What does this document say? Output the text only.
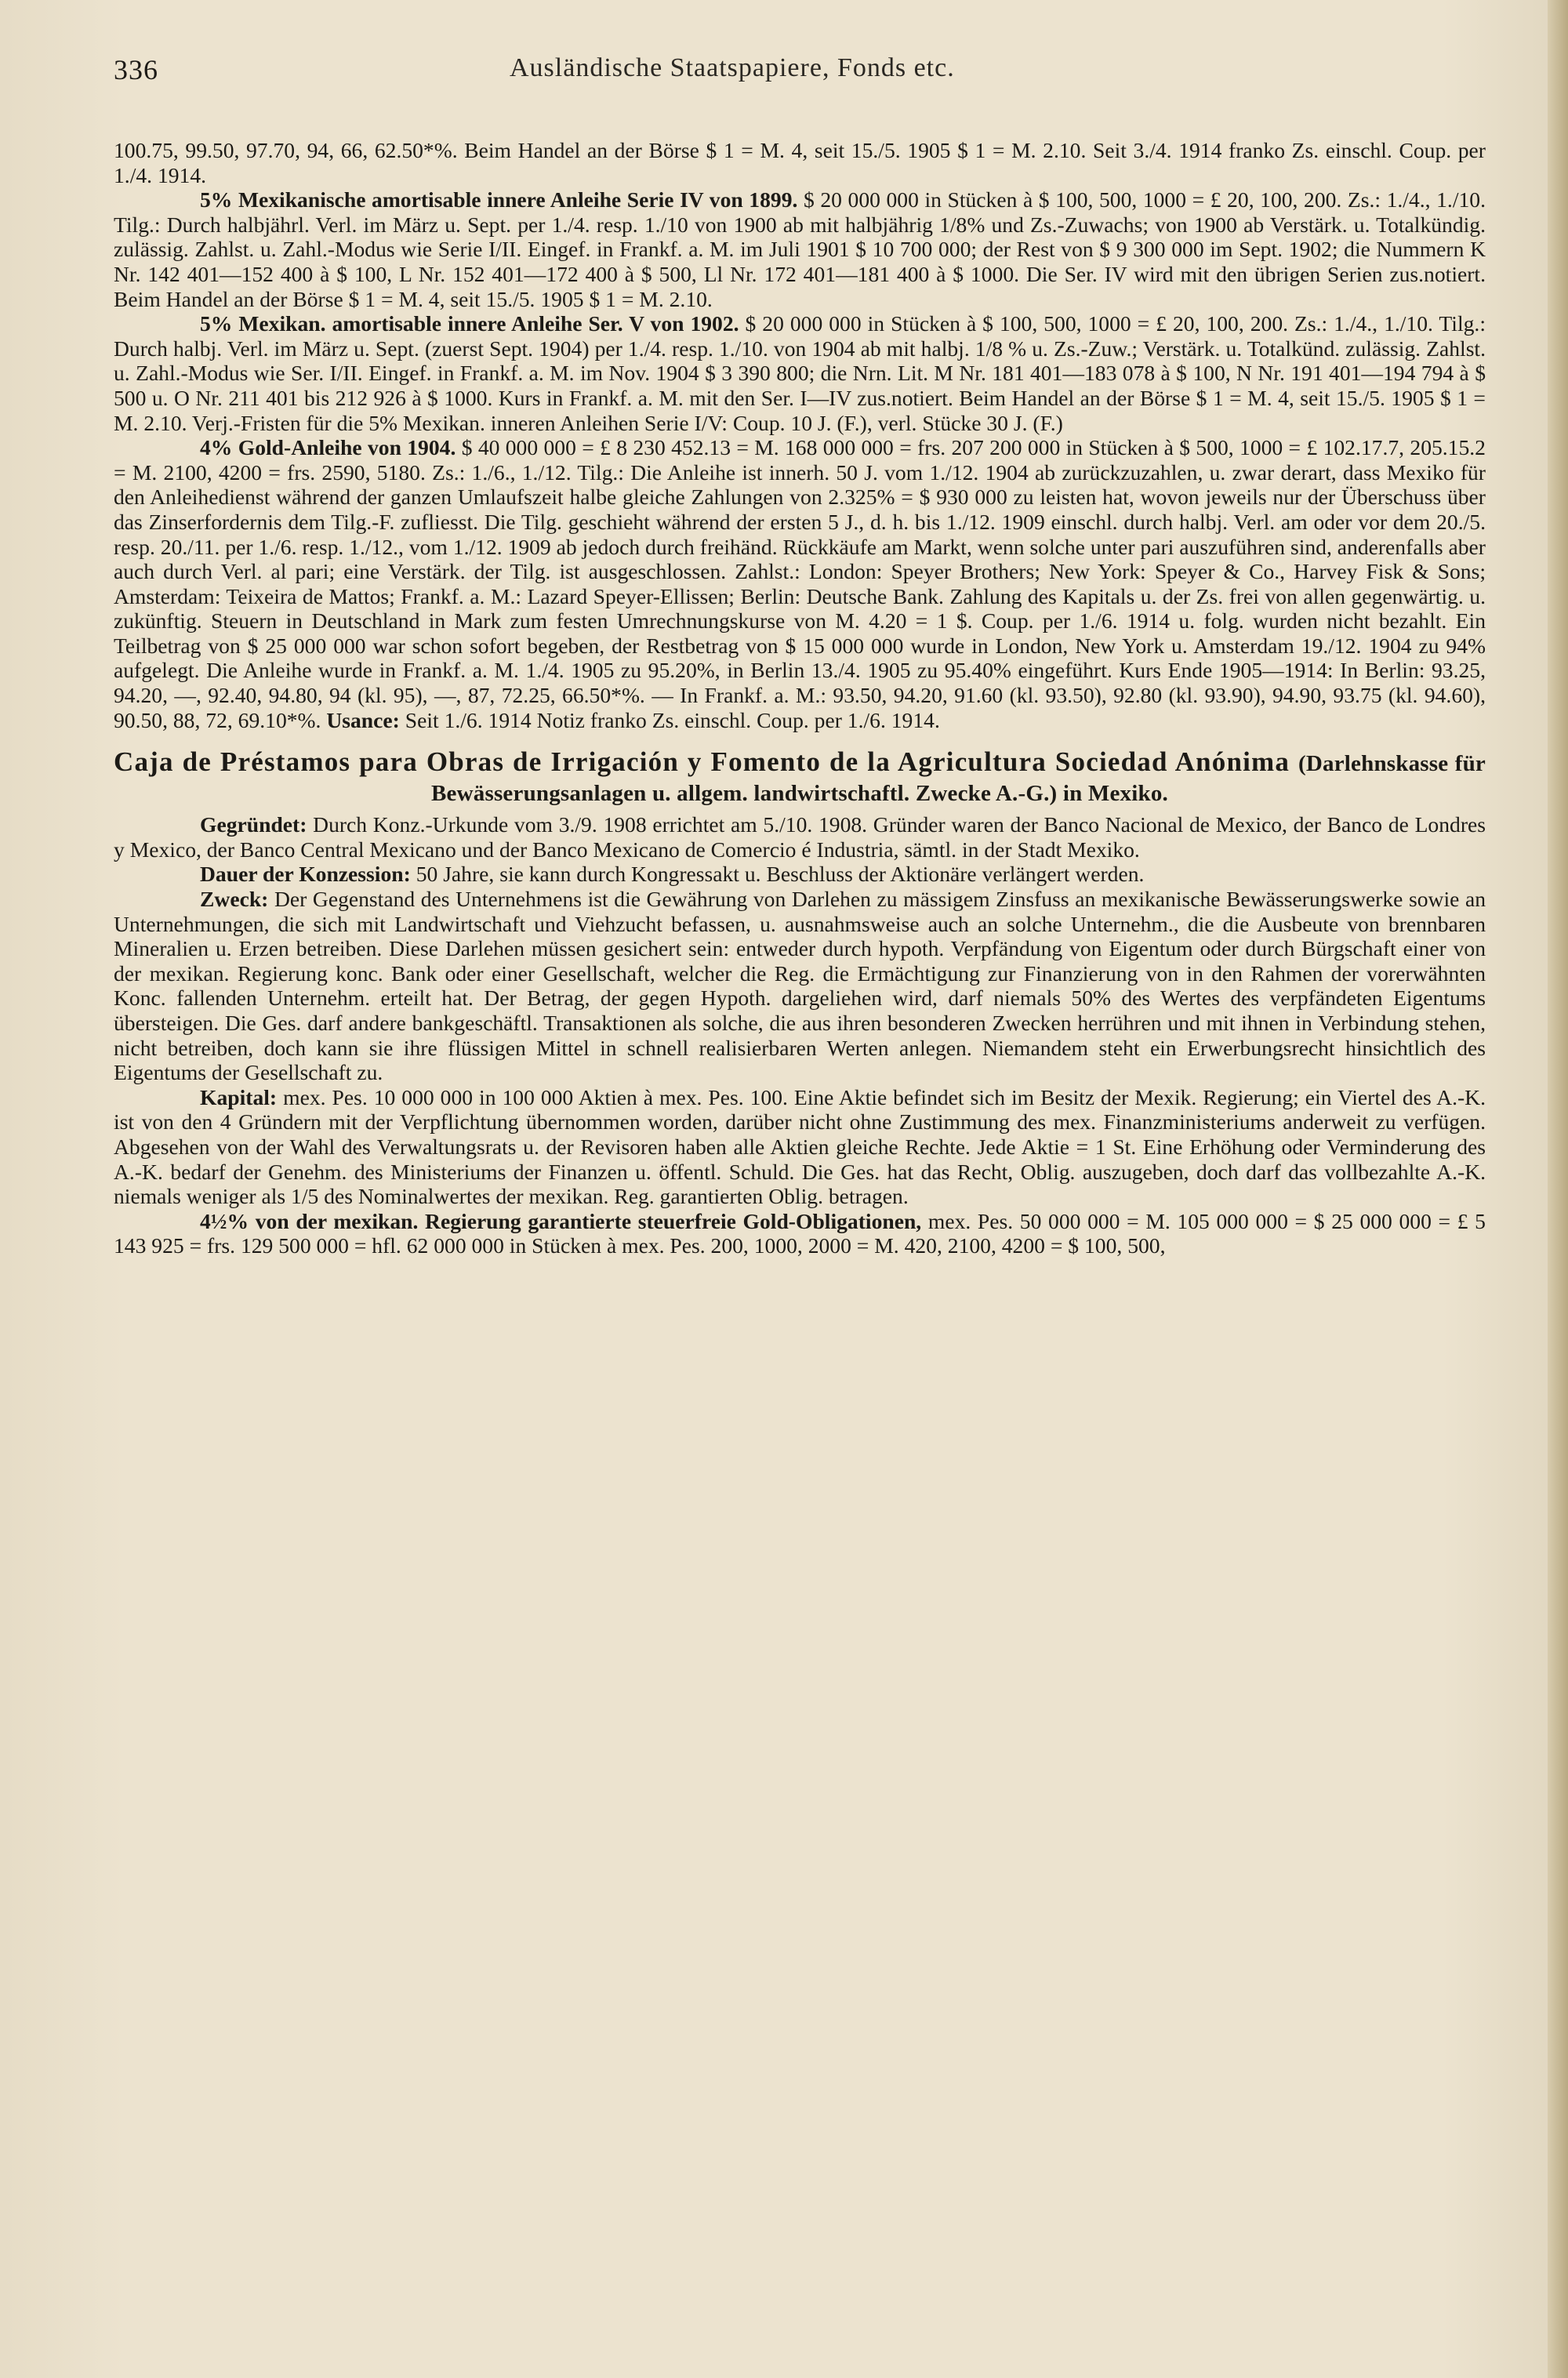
336	Ausländische Staatspapiere, Fonds etc.

100.75, 99.50, 97.70, 94, 66, 62.50*%. Beim Handel an der Börse $ 1 = M. 4, seit 15./5. 1905 $ 1 = M. 2.10. Seit 3./4. 1914 franko Zs. einschl. Coup. per 1./4. 1914.

5% Mexikanische amortisable innere Anleihe Serie IV von 1899. $ 20 000 000 in Stücken à $ 100, 500, 1000 = £ 20, 100, 200. Zs.: 1./4., 1./10. Tilg.: Durch halbjährl. Verl. im März u. Sept. per 1./4. resp. 1./10 von 1900 ab mit halbjährig 1/8% und Zs.-Zuwachs; von 1900 ab Verstärk. u. Totalkündig. zulässig. Zahlst. u. Zahl.-Modus wie Serie I/II. Eingef. in Frankf. a. M. im Juli 1901 $ 10 700 000; der Rest von $ 9 300 000 im Sept. 1902; die Nummern K Nr. 142 401—152 400 à $ 100, L Nr. 152 401—172 400 à $ 500, Ll Nr. 172 401—181 400 à $ 1000. Die Ser. IV wird mit den übrigen Serien zus.notiert. Beim Handel an der Börse $ 1 = M. 4, seit 15./5. 1905 $ 1 = M. 2.10.

5% Mexikan. amortisable innere Anleihe Ser. V von 1902. $ 20 000 000 in Stücken à $ 100, 500, 1000 = £ 20, 100, 200. Zs.: 1./4., 1./10. Tilg.: Durch halbj. Verl. im März u. Sept. (zuerst Sept. 1904) per 1./4. resp. 1./10. von 1904 ab mit halbj. 1/8 % u. Zs.-Zuw.; Verstärk. u. Totalkünd. zulässig. Zahlst. u. Zahl.-Modus wie Ser. I/II. Eingef. in Frankf. a. M. im Nov. 1904 $ 3 390 800; die Nrn. Lit. M Nr. 181 401—183 078 à $ 100, N Nr. 191 401—194 794 à $ 500 u. O Nr. 211 401 bis 212 926 à $ 1000. Kurs in Frankf. a. M. mit den Ser. I—IV zus.notiert. Beim Handel an der Börse $ 1 = M. 4, seit 15./5. 1905 $ 1 = M. 2.10. Verj.-Fristen für die 5% Mexikan. inneren Anleihen Serie I/V: Coup. 10 J. (F.), verl. Stücke 30 J. (F.)

4% Gold-Anleihe von 1904. $ 40 000 000 = £ 8 230 452.13 = M. 168 000 000 = frs. 207 200 000 in Stücken à $ 500, 1000 = £ 102.17.7, 205.15.2 = M. 2100, 4200 = frs. 2590, 5180. Zs.: 1./6., 1./12. Tilg.: Die Anleihe ist innerh. 50 J. vom 1./12. 1904 ab zurückzuzahlen, u. zwar derart, dass Mexiko für den Anleihedienst während der ganzen Umlaufszeit halbe gleiche Zahlungen von 2.325% = $ 930 000 zu leisten hat, wovon jeweils nur der Überschuss über das Zinserfordernis dem Tilg.-F. zufliesst. Die Tilg. geschieht während der ersten 5 J., d. h. bis 1./12. 1909 einschl. durch halbj. Verl. am oder vor dem 20./5. resp. 20./11. per 1./6. resp. 1./12., vom 1./12. 1909 ab jedoch durch freihänd. Rückkäufe am Markt, wenn solche unter pari auszuführen sind, anderenfalls aber auch durch Verl. al pari; eine Verstärk. der Tilg. ist ausgeschlossen. Zahlst.: London: Speyer Brothers; New York: Speyer & Co., Harvey Fisk & Sons; Amsterdam: Teixeira de Mattos; Frankf. a. M.: Lazard Speyer-Ellissen; Berlin: Deutsche Bank. Zahlung des Kapitals u. der Zs. frei von allen gegenwärtig. u. zukünftig. Steuern in Deutschland in Mark zum festen Umrechnungskurse von M. 4.20 = 1 $. Coup. per 1./6. 1914 u. folg. wurden nicht bezahlt. Ein Teilbetrag von $ 25 000 000 war schon sofort begeben, der Restbetrag von $ 15 000 000 wurde in London, New York u. Amsterdam 19./12. 1904 zu 94% aufgelegt. Die Anleihe wurde in Frankf. a. M. 1./4. 1905 zu 95.20%, in Berlin 13./4. 1905 zu 95.40% eingeführt. Kurs Ende 1905—1914: In Berlin: 93.25, 94.20, —, 92.40, 94.80, 94 (kl. 95), —, 87, 72.25, 66.50*%. — In Frankf. a. M.: 93.50, 94.20, 91.60 (kl. 93.50), 92.80 (kl. 93.90), 94.90, 93.75 (kl. 94.60), 90.50, 88, 72, 69.10*%. Usance: Seit 1./6. 1914 Notiz franko Zs. einschl. Coup. per 1./6. 1914.

Caja de Préstamos para Obras de Irrigación y Fomento de la Agricultura Sociedad Anónima (Darlehnskasse für Bewässerungsanlagen u. allgem. landwirtschaftl. Zwecke A.-G.) in Mexiko.

Gegründet: Durch Konz.-Urkunde vom 3./9. 1908 errichtet am 5./10. 1908. Gründer waren der Banco Nacional de Mexico, der Banco de Londres y Mexico, der Banco Central Mexicano und der Banco Mexicano de Comercio é Industria, sämtl. in der Stadt Mexiko.

Dauer der Konzession: 50 Jahre, sie kann durch Kongressakt u. Beschluss der Aktionäre verlängert werden.

Zweck: Der Gegenstand des Unternehmens ist die Gewährung von Darlehen zu mässigem Zinsfuss an mexikanische Bewässerungswerke sowie an Unternehmungen, die sich mit Landwirtschaft und Viehzucht befassen, u. ausnahmsweise auch an solche Unternehm., die die Ausbeute von brennbaren Mineralien u. Erzen betreiben. Diese Darlehen müssen gesichert sein: entweder durch hypoth. Verpfändung von Eigentum oder durch Bürgschaft einer von der mexikan. Regierung konc. Bank oder einer Gesellschaft, welcher die Reg. die Ermächtigung zur Finanzierung von in den Rahmen der vorerwähnten Konc. fallenden Unternehm. erteilt hat. Der Betrag, der gegen Hypoth. dargeliehen wird, darf niemals 50% des Wertes des verpfändeten Eigentums übersteigen. Die Ges. darf andere bankgeschäftl. Transaktionen als solche, die aus ihren besonderen Zwecken herrühren und mit ihnen in Verbindung stehen, nicht betreiben, doch kann sie ihre flüssigen Mittel in schnell realisierbaren Werten anlegen. Niemandem steht ein Erwerbungsrecht hinsichtlich des Eigentums der Gesellschaft zu.

Kapital: mex. Pes. 10 000 000 in 100 000 Aktien à mex. Pes. 100. Eine Aktie befindet sich im Besitz der Mexik. Regierung; ein Viertel des A.-K. ist von den 4 Gründern mit der Verpflichtung übernommen worden, darüber nicht ohne Zustimmung des mex. Finanzministeriums anderweit zu verfügen. Abgesehen von der Wahl des Verwaltungsrats u. der Revisoren haben alle Aktien gleiche Rechte. Jede Aktie = 1 St. Eine Erhöhung oder Verminderung des A.-K. bedarf der Genehm. des Ministeriums der Finanzen u. öffentl. Schuld. Die Ges. hat das Recht, Oblig. auszugeben, doch darf das vollbezahlte A.-K. niemals weniger als 1/5 des Nominalwertes der mexikan. Reg. garantierten Oblig. betragen.

4½% von der mexikan. Regierung garantierte steuerfreie Gold-Obligationen, mex. Pes. 50 000 000 = M. 105 000 000 = $ 25 000 000 = £ 5 143 925 = frs. 129 500 000 = hfl. 62 000 000 in Stücken à mex. Pes. 200, 1000, 2000 = M. 420, 2100, 4200 = $ 100, 500,
